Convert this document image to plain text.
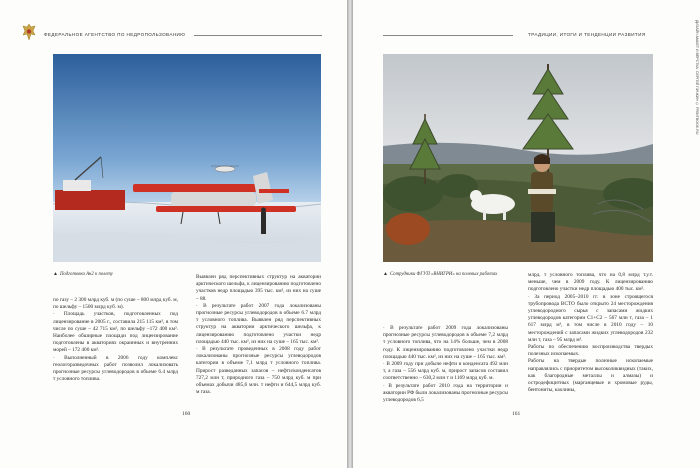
ФЕДЕРАЛЬНОЕ АГЕНТСТВО ПО НЕДРОПОЛЬЗОВАНИЮ
▲ Подготовка Ан2 к полету

по газу – 2 300 млрд куб. м (по суше – 800 млрд куб. м, по шельфу – 1500 млрд куб. м).

· Площадь участков, подготовленных под лицензирование в 2005 г., составила 215 115 км², в том числе по суше – 42 715 км², по шельфу –172 400 км². Наиболее обширные площади под лицензирование подготовлены в акваториях окраинных и внутренних морей – 172 400 км².

· Выполненный в 2006 году комплекс геологоразведочных работ позволил локализовать прогнозные ресурсы углеводородов в объеме 6.4 млрд т условного топлива.

Выявлен ряд перспективных структур на акватории арктического шельфа, к лицензированию подготовлено участков недр площадью 395 тыс. км², из них на суше – 88.

· В результате работ 2007 года локализованы прогнозные ресурсы углеводородов в объеме 6.7 млрд т условного топлива. Выявлен ряд перспективных структур на акватории арктического шельфа, к лицензированию подготовлено участки недр площадью 440 тыс. км², из них на суше – 165 тыс. км².

· В результате проведенных в 2008 году работ локализованы прогнозные ресурсы углеводородов категории в объеме 7,1 млрд т условного топлива. Прирост разведанных запасов – нефти/конденсатов 727,2 млн т, природного газа – 750 млрд куб. м при объемах добычи 485,6 млн. т нефти и 644,5 млрд куб. м газа.

160
ТРАДИЦИИ, ИТОГИ И ТЕНДЕНЦИИ РАЗВИТИЯ
▲ Сотрудники ФГУП «ВНИГРИ» на полевых работах

· В результате работ 2009 года локализованы прогнозные ресурсы углеводородов в объеме 7,2 млрд т условного топлива, что на 14% больше, чем в 2008 году. К лицензированию подготовлено участки недр площадью 440 тыс. км², из них на суше – 165 тыс. км².

· В 2009 году при добыче нефти и конденсата 492 млн т, а газа – 556 млрд куб. м, прирост запасов составил соответственно – 630,2 млн т и 1169 млрд куб. м.

· В результате работ 2010 года на территории и акватории РФ были локализованы прогнозные ресурсы углеводородов 6,5

млрд. т условного топлива, что на 0,8 млрд т.у.т. меньше, чем в 2009 году. К лицензированию подготовлено участки недр площадью 400 тыс. км².

· За период 2005–2010 гг. в зоне строящегося трубопровода ВСТО было открыто 24 месторождения углеводородного сырья с запасами жидких углеводородов категории С1+С2 – 567 млн т, газа – 1 617 млрд м³, в том числе в 2010 году – 10 месторождений с запасами жидких углеводородов 232 млн т, газа – 95 млрд м³.

Работы по обеспечению воспроизводства твердых полезных ископаемых.

Работы на твердые полезные ископаемые направлялись с приоритетом высоколиквидных (таких, как благородные металлы и алмазы) и остродефицитных (марганцевые и хромовые руды, бентониты, каолины,

161
ДИЗАЙН-МАКЕТ И ВЁРСТКА: СЕРГЕЙ ПИЧКИН © PRINTBOOK.RU
